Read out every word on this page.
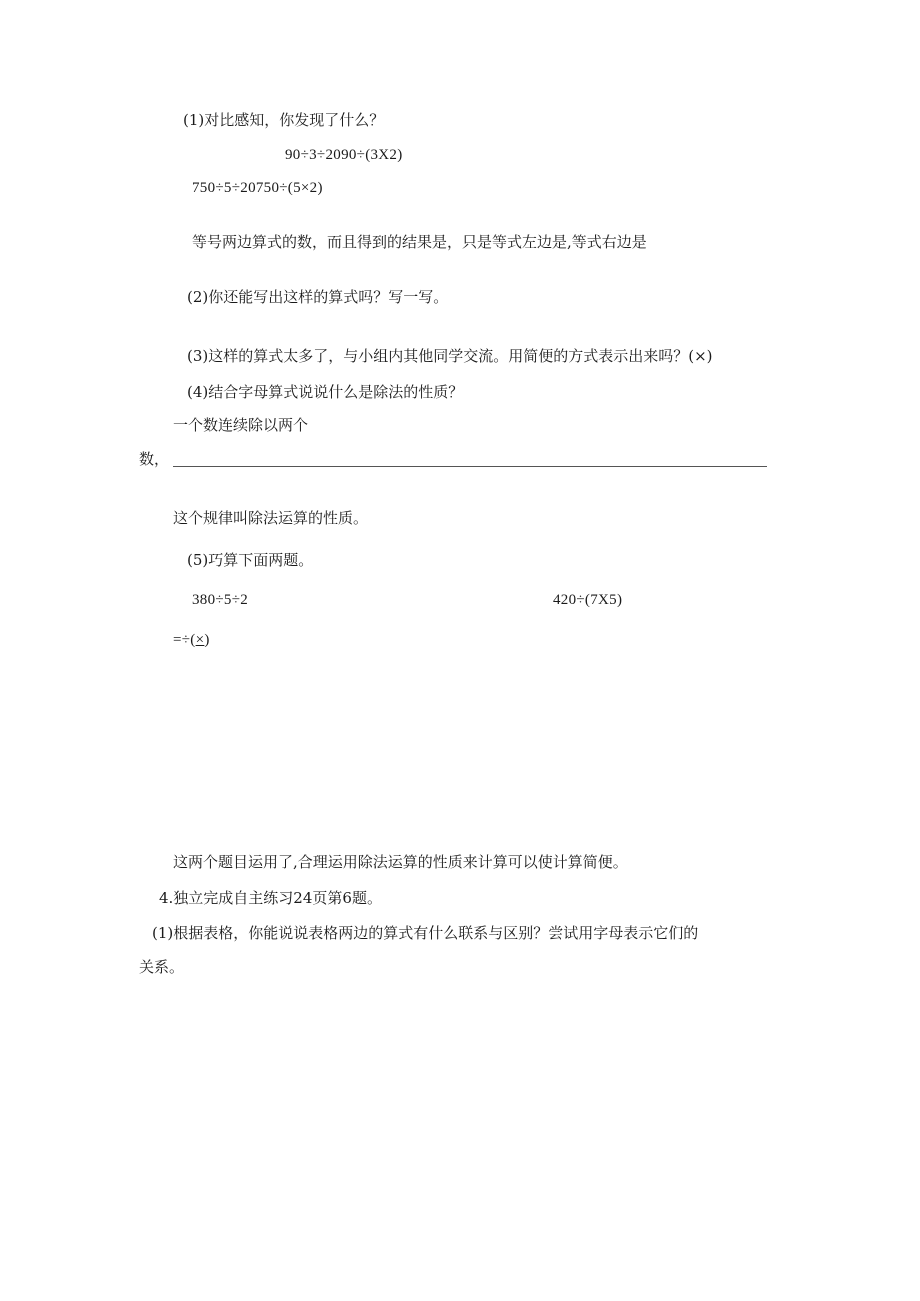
(1)对比感知，你发现了什么？
90÷3÷2090÷(3X2)
750÷5÷20750÷(5×2)
等号两边算式的数，而且得到的结果是，只是等式左边是,等式右边是
(2)你还能写出这样的算式吗？写一写。
(3)这样的算式太多了，与小组内其他同学交流。用简便的方式表示出来吗？(×)
(4)结合字母算式说说什么是除法的性质？
一个数连续除以两个
数，
这个规律叫除法运算的性质。
(5)巧算下面两题。
380÷5÷2	420÷(7X5)
=÷(×)
这两个题目运用了,合理运用除法运算的性质来计算可以使计算简便。
4.独立完成自主练习24页第6题。
(1)根据表格，你能说说表格两边的算式有什么联系与区别？尝试用字母表示它们的
关系。
